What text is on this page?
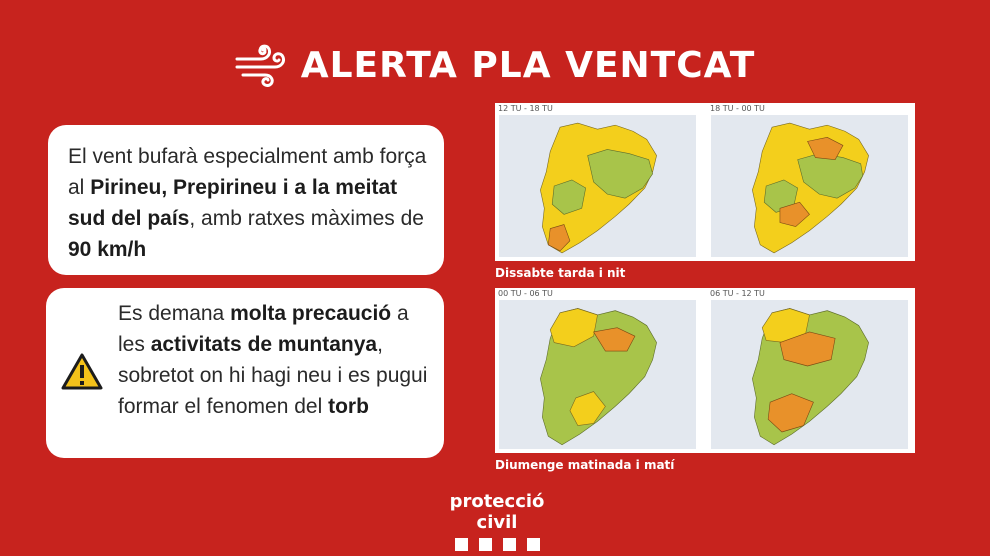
ALERTA PLA VENTCAT
El vent bufarà especialment amb força al Pirineu, Prepirineu i a la meitat sud del país, amb ratxes màximes de 90 km/h
Es demana molta precaució a les activitats de muntanya, sobretot on hi hagi neu i es pugui formar el fenomen del torb
12 TU - 18 TU	18 TU - 00 TU
Dissabte tarda i nit
00 TU - 06 TU	06 TU - 12 TU
Diumenge matinada i matí
protecció civil
